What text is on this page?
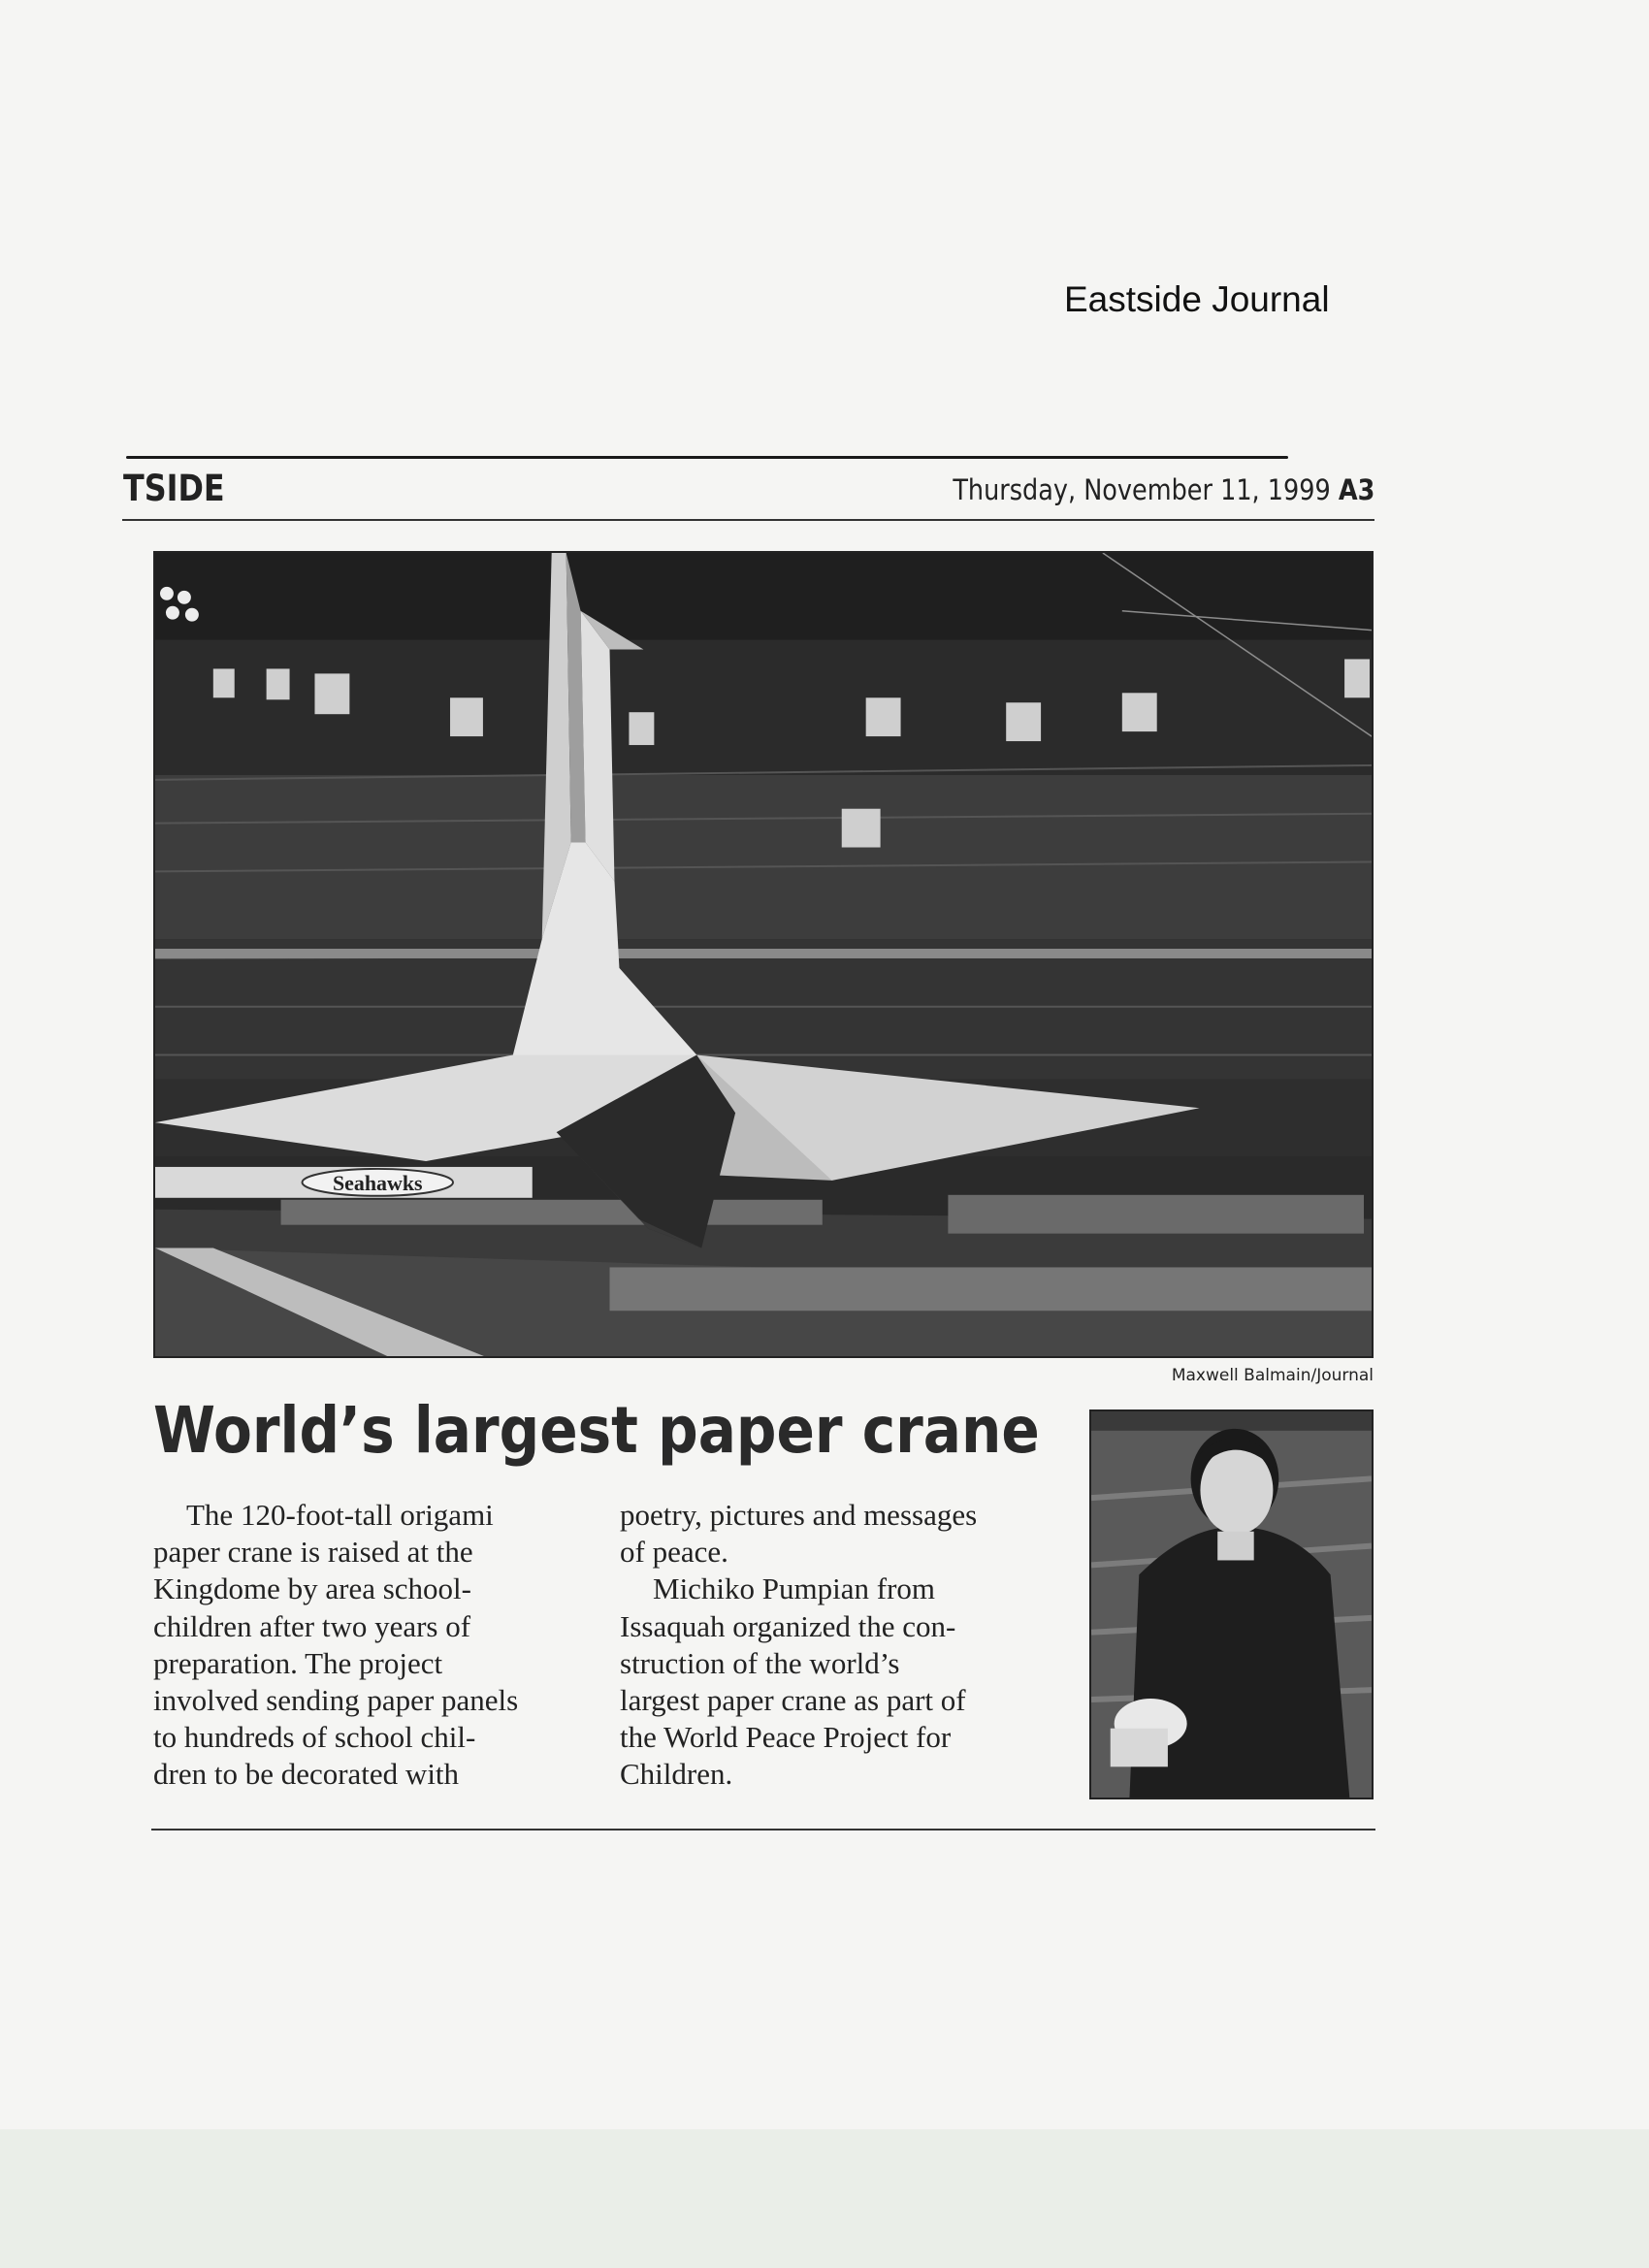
Eastside Journal
TSIDE	Thursday, November 11, 1999 A3
Seahawks
Maxwell Balmain/Journal
World’s largest paper crane
The 120-foot-tall origami
paper crane is raised at the
Kingdome by area school-
children after two years of
preparation. The project
involved sending paper panels
to hundreds of school chil-
dren to be decorated with
poetry, pictures and messages
of peace.
Michiko Pumpian from
Issaquah organized the con-
struction of the world’s
largest paper crane as part of
the World Peace Project for
Children.
